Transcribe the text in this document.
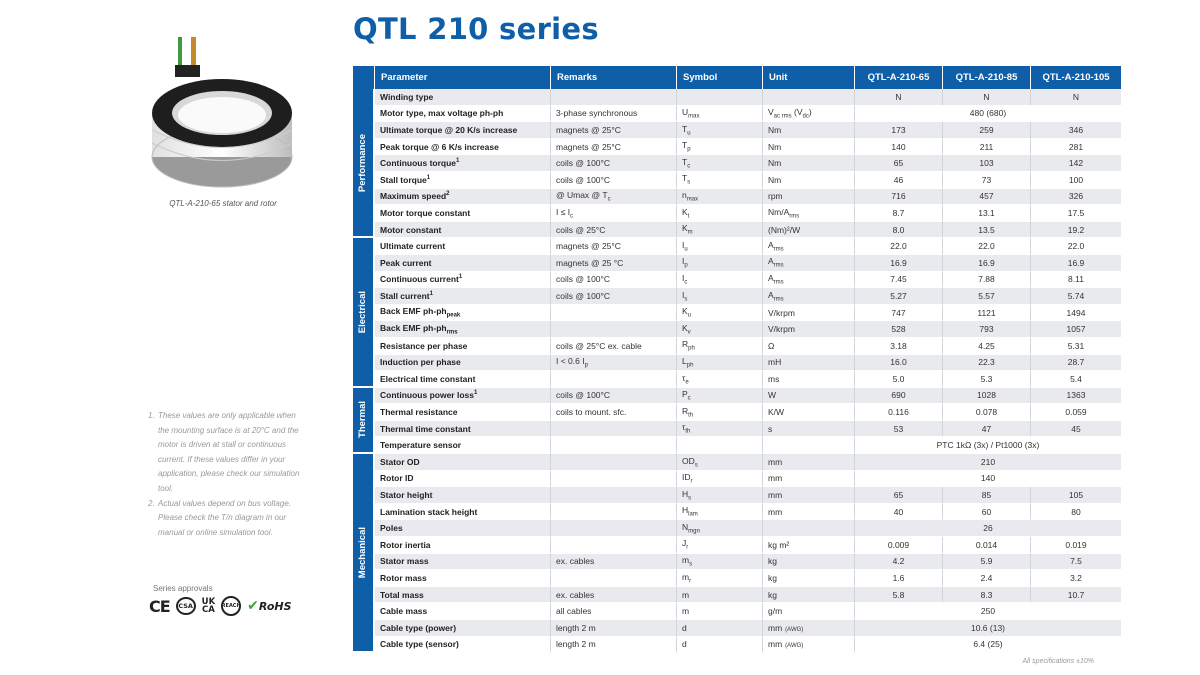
QTL 210 series
QTL-A-210-65 stator and rotor
1. These values are only applicable when the mounting surface is at 20°C and the motor is driven at stall or continuous current. If these values differ in your application, please check our simulation tool.
2. Actual values depend on bus voltage. Please check the T/n diagram in our manual or online simulation tool.
Series approvals
CE	CSA	UK
CA REACH ✔RoHS
	Parameter	Remarks	Symbol	Unit	QTL-A-210-65	QTL-A-210-85	QTL-A-210-105

Performance	Winding type				N	N	N
	Motor type, max voltage ph-ph	3-phase synchronous	$U_{max}$	$V_{ac rms}$ $(V_{dc})$	480 (680)		
	Ultimate torque @ 20 K/s increase	magnets @ 25°C	$T_u$	Nm	173	259	346
	Peak torque @ 6 K/s increase	magnets @ 25°C	$T_p$	Nm	140	211	281
	Continuous torque$^1$	coils @ 100°C	$T_c$	Nm	65	103	142
	Stall torque$^1$	coils @ 100°C	$T_s$	Nm	46	73	100
	Maximum speed$^2$	@ Umax @ $T_c$	$n_{max}$	rpm	716	457	326
	Motor torque constant	$I \le I_c$	$K_t$	$Nm/A_{rms}$	8.7	13.1	17.5
	Motor constant	coils @ 25°C	$K_m$	(Nm)²/W	8.0	13.5	19.2

Electrical	Ultimate current	magnets @ 25°C	$I_u$	$A_{rms}$	22.0	22.0	22.0
	Peak current	magnets @ 25 °C	$I_p$	$A_{rms}$	16.9	16.9	16.9
	Continuous current$^1$	coils @ 100°C	$I_c$	$A_{rms}$	7.45	7.88	8.11
	Stall current$^1$	coils @ 100°C	$I_s$	$A_{rms}$	5.27	5.57	5.74
	Back EMF $ph-ph_{peak}$		$K_u$	V/krpm	747	1121	1494
	Back EMF $ph-ph_{rms}$		$K_v$	V/krpm	528	793	1057
	Resistance per phase	coils @ 25°C ex. cable	$R_{ph}$	Ω	3.18	4.25	5.31
	Induction per phase	I < 0.6 $I_p$	$L_{ph}$	mH	16.0	22.3	28.7
	Electrical time constant		$\tau_e$	ms	5.0	5.3	5.4

Thermal	Continuous power loss$^1$	coils @ 100°C	$P_c$	W	690	1028	1363
	Thermal resistance	coils to mount. sfc.	$R_{th}$	K/W	0.116	0.078	0.059
	Thermal time constant		$\tau_{th}$	s	53	47	45
	Temperature sensor				PTC 1kΩ (3x) / Pt1000 (3x)		

Mechanical	Stator OD		$OD_s$	mm	210		
	Rotor ID		$ID_r$	mm	140		
	Stator height		$H_s$	mm	65	85	105
	Lamination stack height		$H_{lam}$	mm	40	60	80
	Poles		$N_{mgn}$		26		
	Rotor inertia		$J_r$	kg m²	0.009	0.014	0.019
	Stator mass	ex. cables	$m_s$	kg	4.2	5.9	7.5
	Rotor mass		$m_r$	kg	1.6	2.4	3.2
	Total mass	ex. cables	m	kg	5.8	8.3	10.7
	Cable mass	all cables	m	g/m	250		
	Cable type (power)	length 2 m	d	mm (AWG)	10.6 (13)		
	Cable type (sensor)	length 2 m	d	mm (AWG)	6.4 (25)		
All specifications ±10%
